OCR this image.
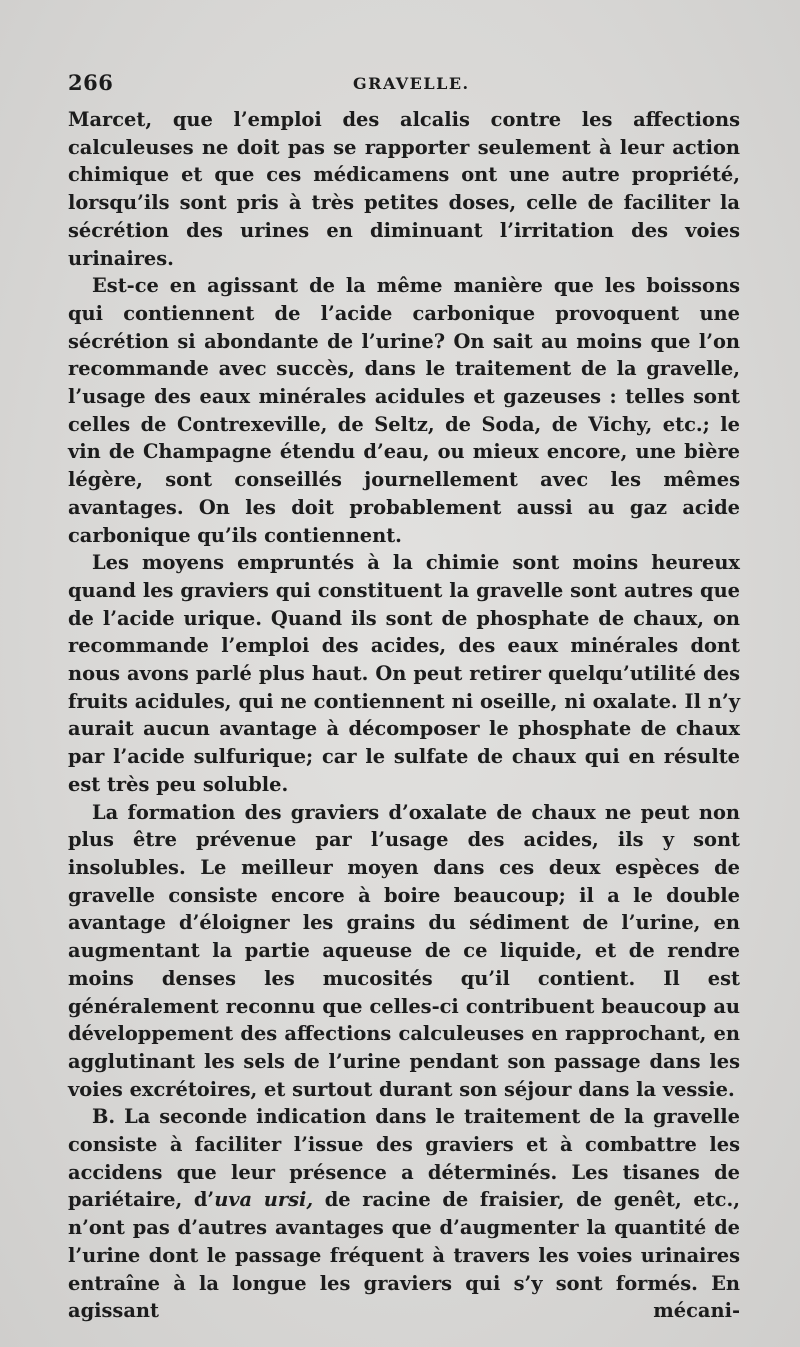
266	GRAVELLE.

Marcet, que l’emploi des alcalis contre les affections calculeuses ne doit pas se rapporter seulement à leur action chimique et que ces médicamens ont une autre propriété, lorsqu’ils sont pris à très petites doses, celle de faciliter la sécrétion des urines en diminuant l’irritation des voies urinaires.

Est-ce en agissant de la même manière que les boissons qui contiennent de l’acide carbonique provoquent une sécrétion si abondante de l’urine? On sait au moins que l’on recommande avec succès, dans le traitement de la gravelle, l’usage des eaux minérales acidules et gazeuses : telles sont celles de Contrexeville, de Seltz, de Soda, de Vichy, etc.; le vin de Champagne étendu d’eau, ou mieux encore, une bière légère, sont conseillés journellement avec les mêmes avantages. On les doit probablement aussi au gaz acide carbonique qu’ils contiennent.

Les moyens empruntés à la chimie sont moins heureux quand les graviers qui constituent la gravelle sont autres que de l’acide urique. Quand ils sont de phosphate de chaux, on recommande l’emploi des acides, des eaux minérales dont nous avons parlé plus haut. On peut retirer quelqu’utilité des fruits acidules, qui ne contiennent ni oseille, ni oxalate. Il n’y aurait aucun avantage à décomposer le phosphate de chaux par l’acide sulfurique; car le sulfate de chaux qui en résulte est très peu soluble.

La formation des graviers d’oxalate de chaux ne peut non plus être prévenue par l’usage des acides, ils y sont insolubles. Le meilleur moyen dans ces deux espèces de gravelle consiste encore à boire beaucoup; il a le double avantage d’éloigner les grains du sédiment de l’urine, en augmentant la partie aqueuse de ce liquide, et de rendre moins denses les mucosités qu’il contient. Il est généralement reconnu que celles-ci contribuent beaucoup au développement des affections calculeuses en rapprochant, en agglutinant les sels de l’urine pendant son passage dans les voies excrétoires, et surtout durant son séjour dans la vessie.

B. La seconde indication dans le traitement de la gravelle consiste à faciliter l’issue des graviers et à combattre les accidens que leur présence a déterminés. Les tisanes de pariétaire, d’uva ursi, de racine de fraisier, de genêt, etc., n’ont pas d’autres avantages que d’augmenter la quantité de l’urine dont le passage fréquent à travers les voies urinaires entraîne à la longue les graviers qui s’y sont formés. En agissant mécani-
